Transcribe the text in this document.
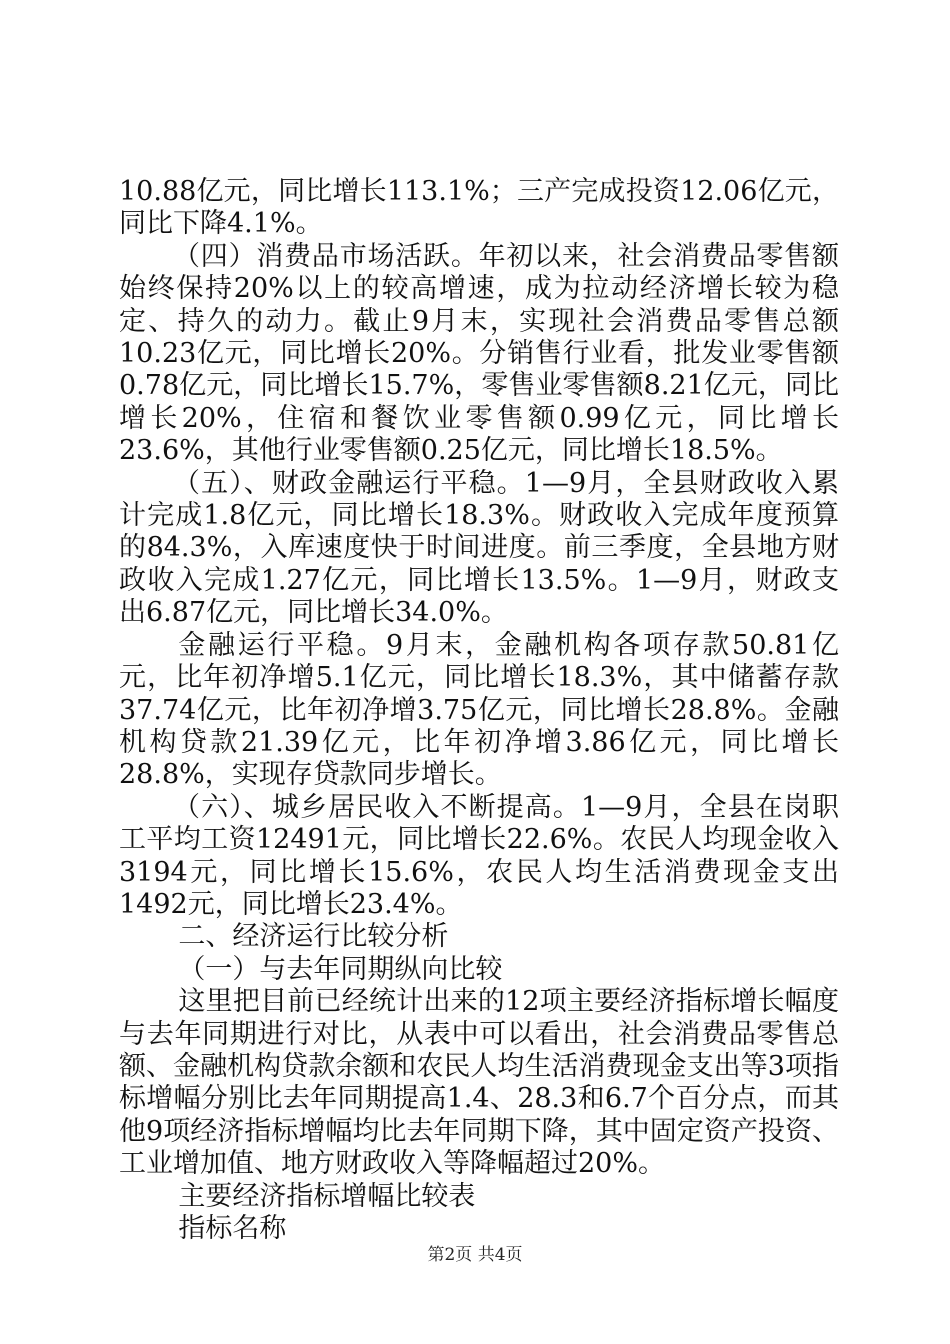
10.88亿元，同比增长113.1%；三产完成投资12.06亿元，同比下降4.1%。

（四）消费品市场活跃。年初以来，社会消费品零售额始终保持20%以上的较高增速，成为拉动经济增长较为稳定、持久的动力。截止9月末，实现社会消费品零售总额10.23亿元，同比增长20%。分销售行业看，批发业零售额0.78亿元，同比增长15.7%，零售业零售额8.21亿元，同比增长20%，住宿和餐饮业零售额0.99亿元，同比增长23.6%，其他行业零售额0.25亿元，同比增长18.5%。

（五）、财政金融运行平稳。1—9月，全县财政收入累计完成1.8亿元，同比增长18.3%。财政收入完成年度预算的84.3%，入库速度快于时间进度。前三季度，全县地方财政收入完成1.27亿元，同比增长13.5%。1—9月，财政支出6.87亿元，同比增长34.0%。

金融运行平稳。9月末，金融机构各项存款50.81亿元，比年初净增5.1亿元，同比增长18.3%，其中储蓄存款37.74亿元，比年初净增3.75亿元，同比增长28.8%。金融机构贷款21.39亿元，比年初净增3.86亿元，同比增长28.8%，实现存贷款同步增长。

（六）、城乡居民收入不断提高。1—9月，全县在岗职工平均工资12491元，同比增长22.6%。农民人均现金收入3194元，同比增长15.6%，农民人均生活消费现金支出1492元，同比增长23.4%。

二、经济运行比较分析

（一）与去年同期纵向比较

这里把目前已经统计出来的12项主要经济指标增长幅度与去年同期进行对比，从表中可以看出，社会消费品零售总额、金融机构贷款余额和农民人均生活消费现金支出等3项指标增幅分别比去年同期提高1.4、28.3和6.7个百分点，而其他9项经济指标增幅均比去年同期下降，其中固定资产投资、工业增加值、地方财政收入等降幅超过20%。

主要经济指标增幅比较表

指标名称

第2页 共4页
